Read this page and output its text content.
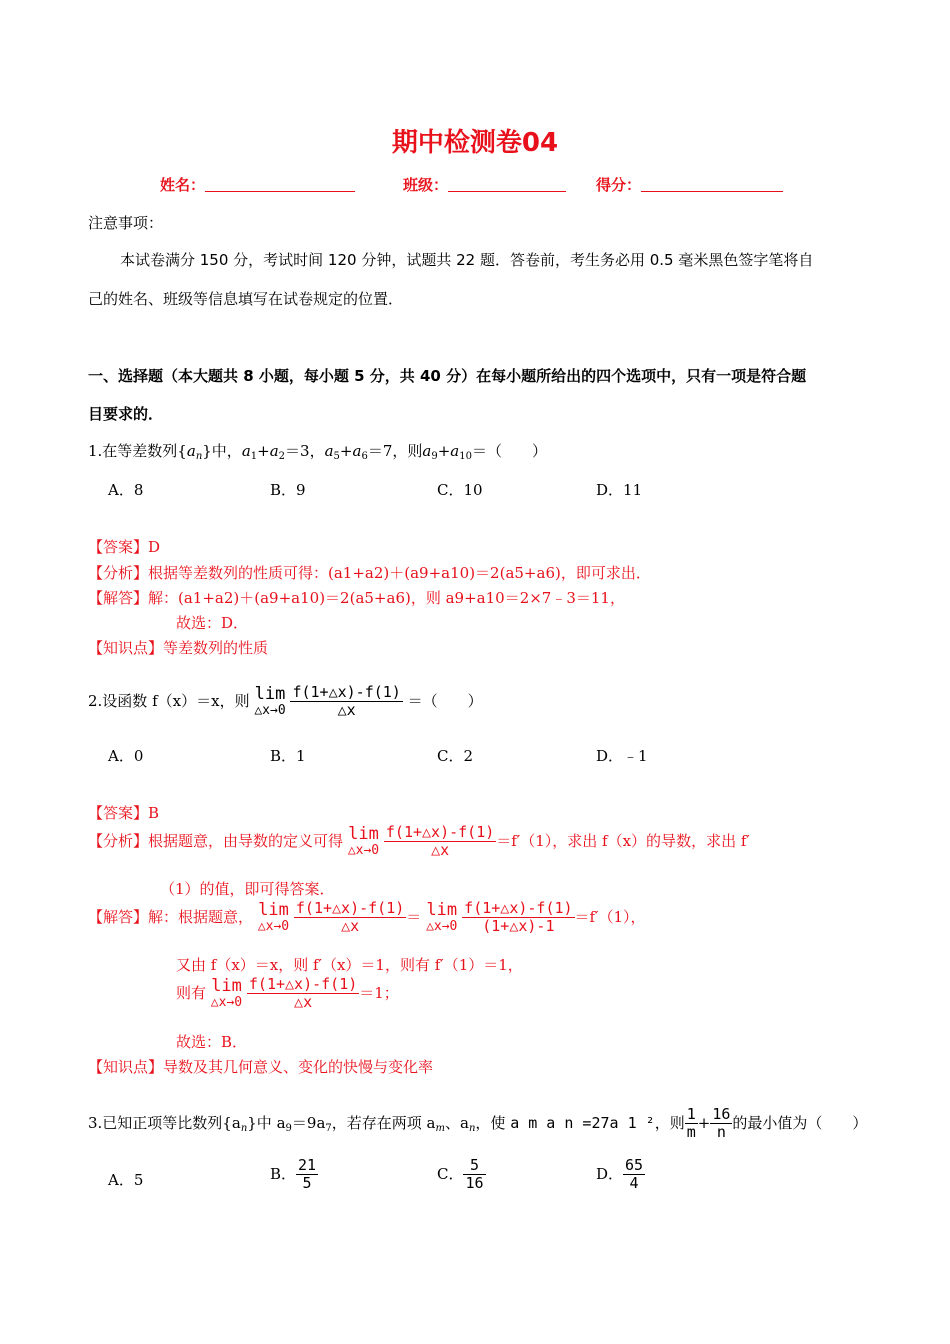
期中检测卷04
姓名：	班级：	得分：
注意事项：
本试卷满分 150 分，考试时间 120 分钟，试题共 22 题．答卷前，考生务必用 0.5 毫米黑色签字笔将自
己的姓名、班级等信息填写在试卷规定的位置．
一、选择题（本大题共 8 小题，每小题 5 分，共 40 分）在每小题所给出的四个选项中，只有一项是符合题
目要求的．
1.在等差数列$\{a_n\}$中，$a_1+a_2=3$，$a_5+a_6=7$，则$a_9+a_{10}=$（　　）
A．8	B．9	C．10	D．11
【答案】D
【分析】根据等差数列的性质可得：(a1+a2)＋(a9+a10)＝2(a5+a6)，即可求出．
【解答】解：(a1+a2)＋(a9+a10)＝2(a5+a6)，则 a9+a10＝2×7﹣3＝11，
故选：D．
【知识点】等差数列的性质
2.设函数 f（x）＝x，则 lim
△x→0
$\frac{f(1+\triangle x)-f(1)}{\triangle x}$ ＝（　　）
A．0	B．1	C．2	D．﹣1
【答案】B
【分析】根据题意，由导数的定义可得 lim
△x→0
$\frac{f(1+\triangle x)-f(1)}{\triangle x} =f'(1)$，求出 f（x）的导数，求出 f′
（1）的值，即可得答案．
【解答】解：根据题意， lim
△x→0
$\frac{f(1+\triangle x)-f(1)}{\triangle x} = \lim$
△x→0
$\frac{f(1+\triangle x)-f(1)}{(1+\triangle x)-1} =f'(1)$，
又由 f（x）＝x，则 f′（x）＝1，则有 f′（1）＝1，
则有 lim
△x→0
$\frac{f(1+\triangle x)-f(1)}{\triangle x} =1$；
故选：B．
【知识点】导数及其几何意义、变化的快慢与变化率
3.已知正项等比数列$\{a_n\}$中 $a_9=9a_7$，若存在两项 $a_m$、$a_n$，使 a m a n =27a 1 ²，则 $\frac{1}{m} + \frac{16}{n}$ 的最小值为（　　）
A．5	B． $\frac{21}{5}$	C． $\frac{5}{16}$	D． $\frac{65}{4}$
